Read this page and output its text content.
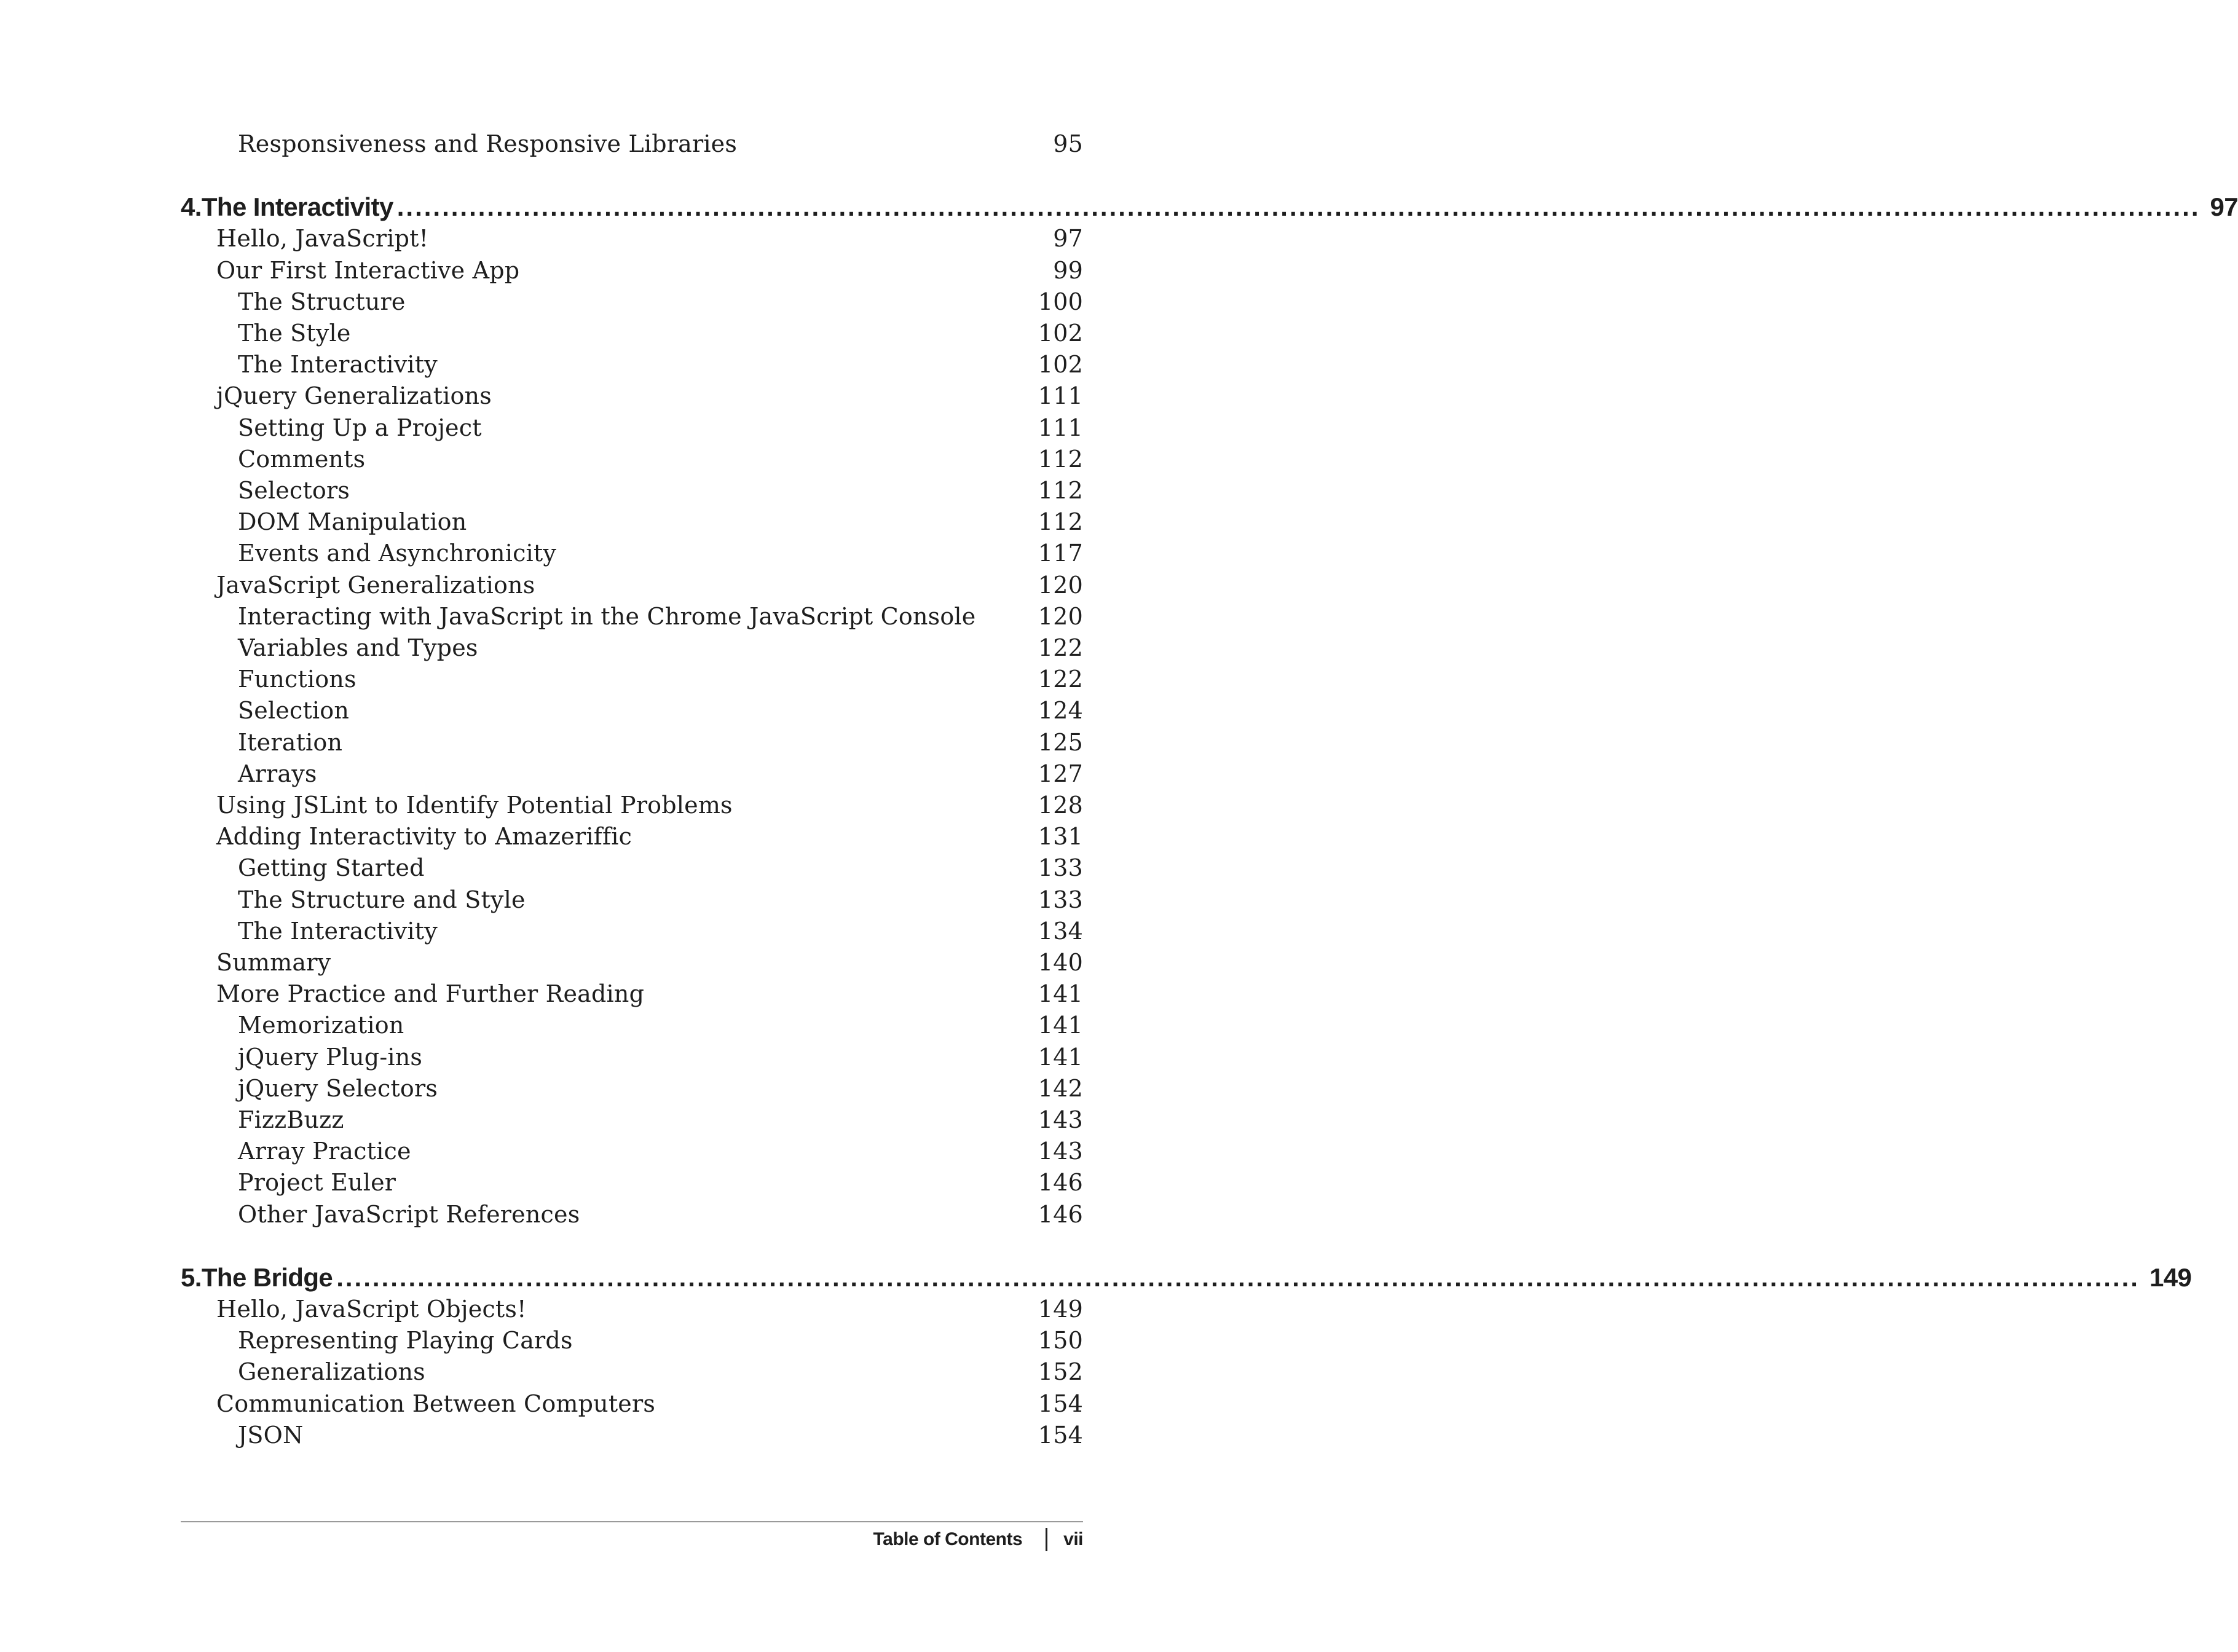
Responsiveness and Responsive Libraries	95
4. The Interactivity ........................................................................................................................................................................................................ 97
Hello, JavaScript!	97
Our First Interactive App	99
The Structure	100
The Style	102
The Interactivity	102
jQuery Generalizations	111
Setting Up a Project	111
Comments	112
Selectors	112
DOM Manipulation	112
Events and Asynchronicity	117
JavaScript Generalizations	120
Interacting with JavaScript in the Chrome JavaScript Console	120
Variables and Types	122
Functions	122
Selection	124
Iteration	125
Arrays	127
Using JSLint to Identify Potential Problems	128
Adding Interactivity to Amazeriffic	131
Getting Started	133
The Structure and Style	133
The Interactivity	134
Summary	140
More Practice and Further Reading	141
Memorization	141
jQuery Plug-ins	141
jQuery Selectors	142
FizzBuzz	143
Array Practice	143
Project Euler	146
Other JavaScript References	146
5. The Bridge ........................................................................................................................................................................................................ 149
Hello, JavaScript Objects!	149
Representing Playing Cards	150
Generalizations	152
Communication Between Computers	154
JSON	154
Table of Contents vii
